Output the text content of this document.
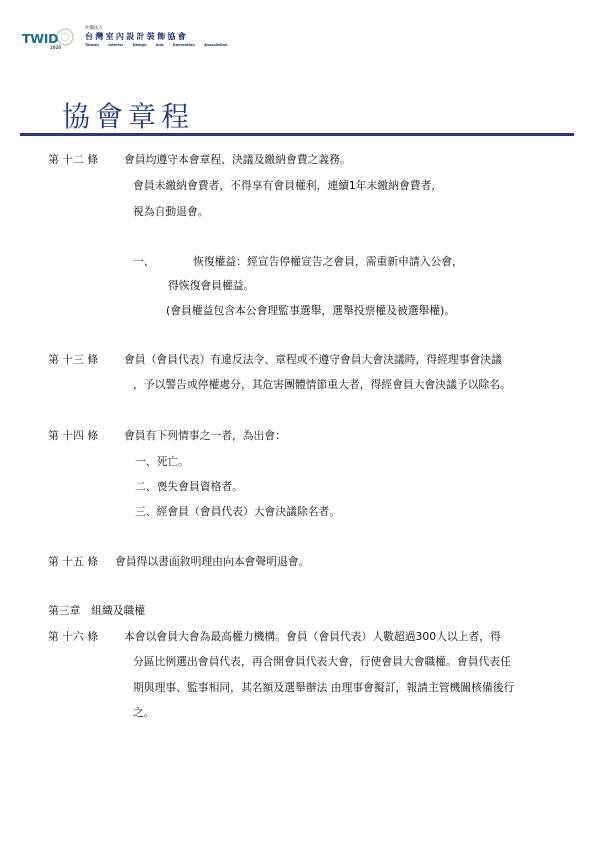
TWID
2020
社團法人
台灣室內設計裝飾協會
Taiwan Interior Design and Decoration Association
協會章程
第 十二 條 會員均遵守本會章程、決議及繳納會費之義務。
會員未繳納會費者，不得享有會員權利，連續1年未繳納會費者，
視為自動退會。
一、	恢復權益：經宣告停權宣告之會員，需重新申請入公會，
得恢復會員權益。
(會員權益包含本公會理監事選舉，選舉投票權及被選舉權)。
第 十三 條 會員（會員代表）有違反法令、章程或不遵守會員大會決議時，得經理事會決議
，予以警告或停權處分，其危害團體情節重大者，得經會員大會決議予以除名。
第 十四 條 會員有下列情事之一者，為出會：
一、死亡。
二、喪失會員資格者。
三、經會員（會員代表）大會決議除名者。
第 十五 條 會員得以書面敘明理由向本會聲明退會。
第三章　組織及職權
第 十六 條 本會以會員大會為最高權力機構。會員（會員代表）人數超過300人以上者，得
分區比例選出會員代表，再合開會員代表大會，行使會員大會職權。會員代表任
期與理事、監事相同，其名額及選舉辦法 由理事會擬訂，報請主管機關核備後行
之。
